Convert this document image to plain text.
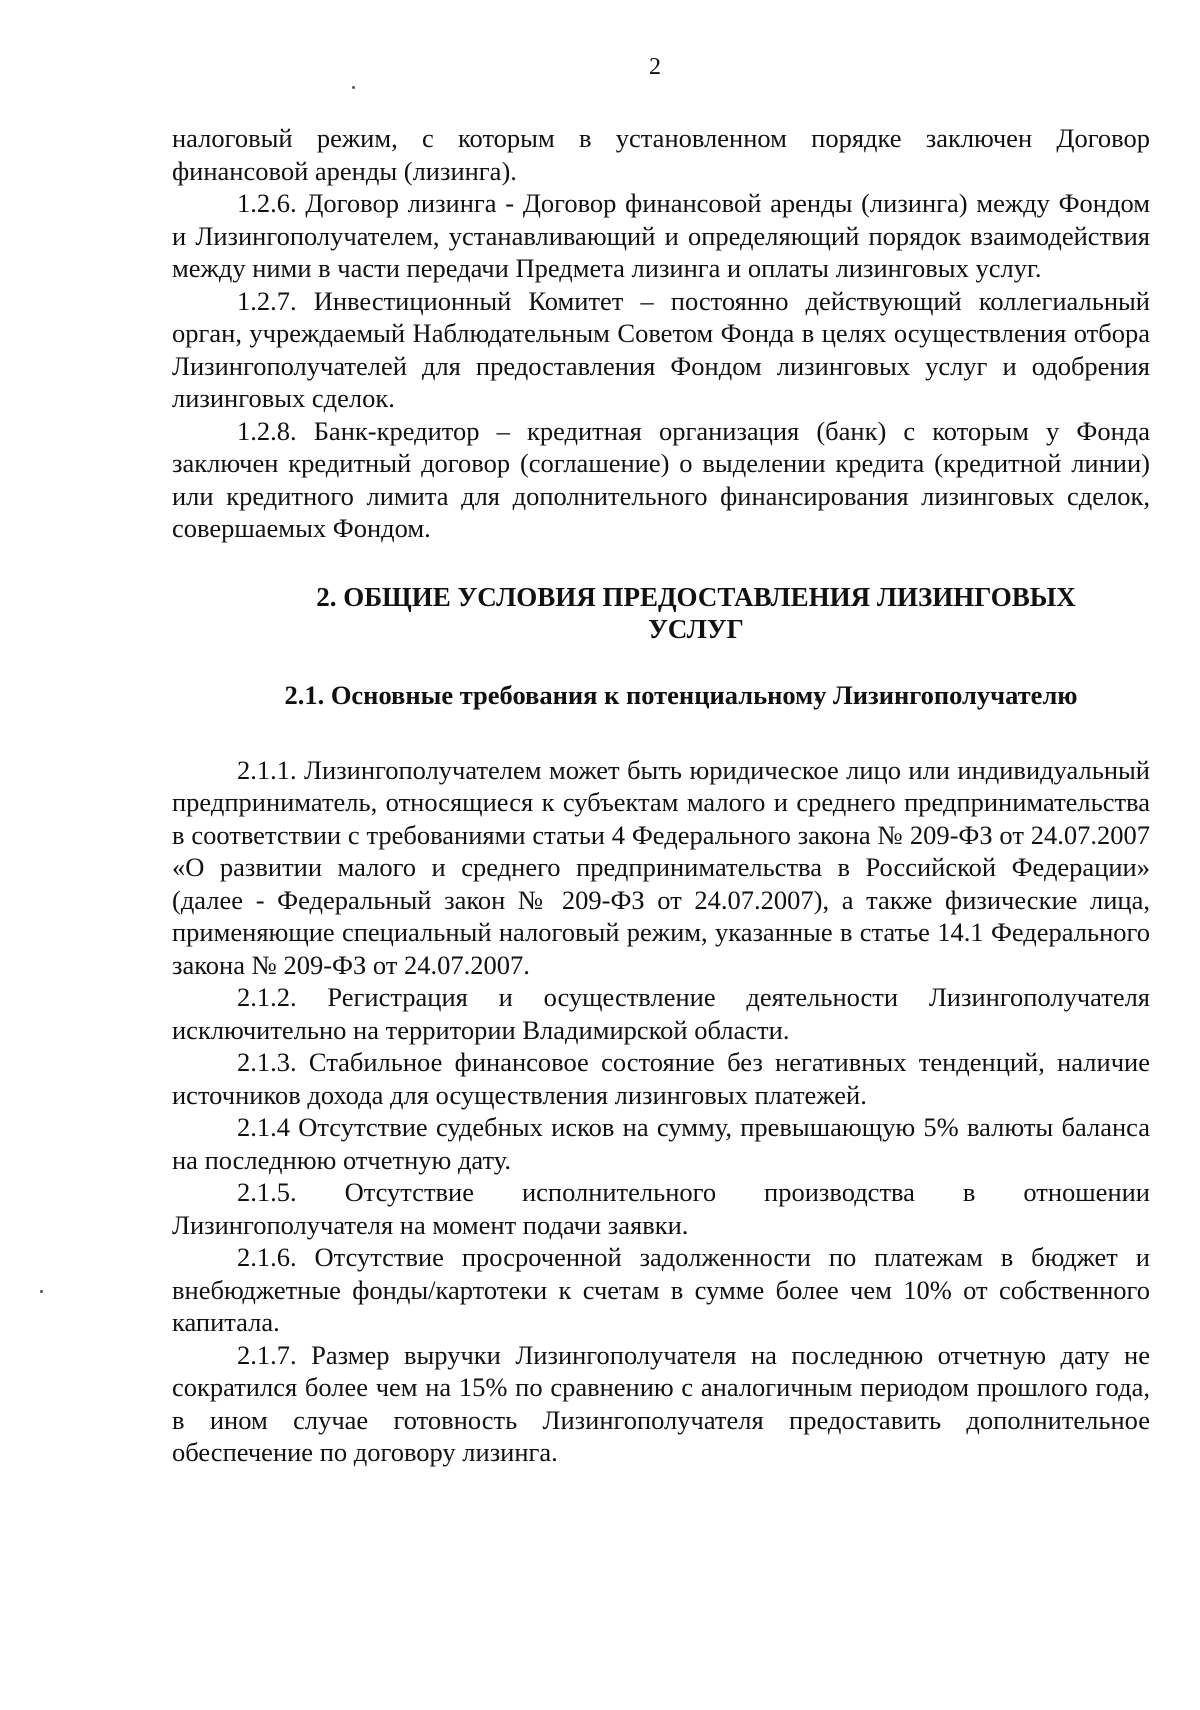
2

налоговый режим, с которым в установленном порядке заключен Договор финансовой аренды (лизинга).

1.2.6. Договор лизинга - Договор финансовой аренды (лизинга) между Фондом и Лизингополучателем, устанавливающий и определяющий порядок взаимодействия между ними в части передачи Предмета лизинга и оплаты лизинговых услуг.

1.2.7. Инвестиционный Комитет – постоянно действующий коллегиальный орган, учреждаемый Наблюдательным Советом Фонда в целях осуществления отбора Лизингополучателей для предоставления Фондом лизинговых услуг и одобрения лизинговых сделок.

1.2.8. Банк-кредитор – кредитная организация (банк) с которым у Фонда заключен кредитный договор (соглашение) о выделении кредита (кредитной линии) или кредитного лимита для дополнительного финансирования лизинговых сделок, совершаемых Фондом.

2. ОБЩИЕ УСЛОВИЯ ПРЕДОСТАВЛЕНИЯ ЛИЗИНГОВЫХ
УСЛУГ
2.1. Основные требования к потенциальному Лизингополучателю

2.1.1. Лизингополучателем может быть юридическое лицо или индивидуальный предприниматель, относящиеся к субъектам малого и среднего предпринимательства в соответствии с требованиями статьи 4 Федерального закона № 209-ФЗ от 24.07.2007 «О развитии малого и среднего предпринимательства в Российской Федерации» (далее - Федеральный закон № 209-ФЗ от 24.07.2007), а также физические лица, применяющие специальный налоговый режим, указанные в статье 14.1 Федерального закона № 209-ФЗ от 24.07.2007.

2.1.2. Регистрация и осуществление деятельности Лизингополучателя исключительно на территории Владимирской области.

2.1.3. Стабильное финансовое состояние без негативных тенденций, наличие источников дохода для осуществления лизинговых платежей.

2.1.4 Отсутствие судебных исков на сумму, превышающую 5% валюты баланса на последнюю отчетную дату.

2.1.5. Отсутствие исполнительного производства в отношении Лизингополучателя на момент подачи заявки.

2.1.6. Отсутствие просроченной задолженности по платежам в бюджет и внебюджетные фонды/картотеки к счетам в сумме более чем 10% от собственного капитала.

2.1.7. Размер выручки Лизингополучателя на последнюю отчетную дату не сократился более чем на 15% по сравнению с аналогичным периодом прошлого года, в ином случае готовность Лизингополучателя предоставить дополнительное обеспечение по договору лизинга.
